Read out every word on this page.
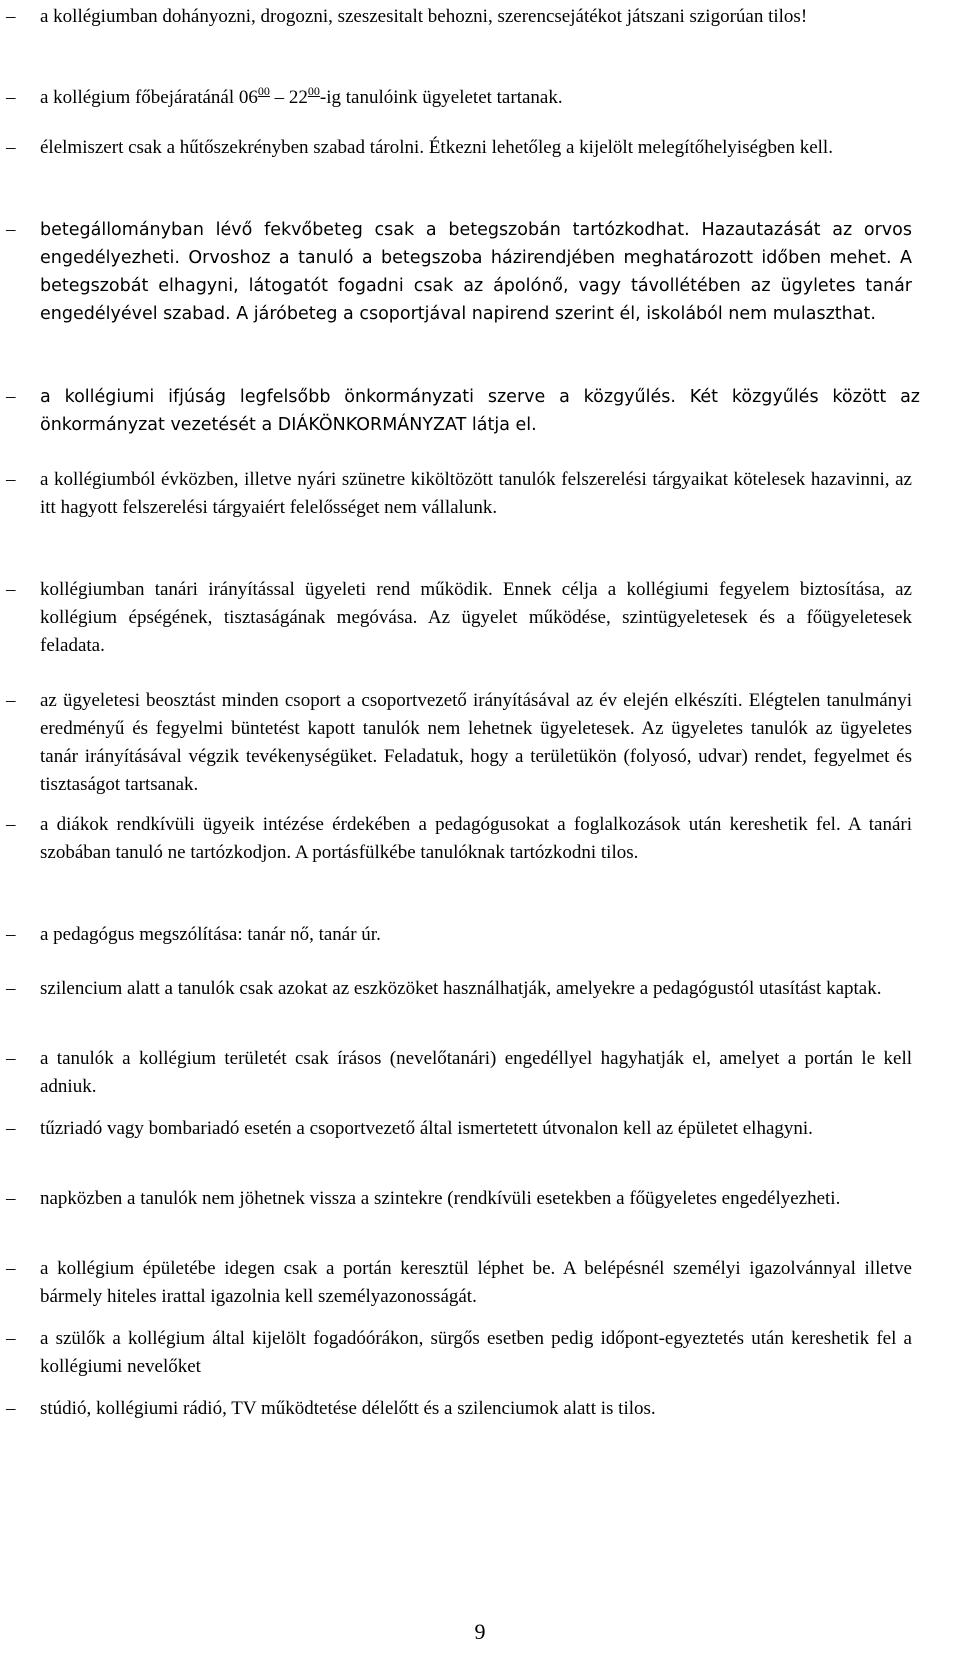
– a kollégiumban dohányozni, drogozni, szeszesitalt behozni, szerencsejátékot játszani szigorúan tilos!
– a kollégium főbejáratánál $06^{00} - 22^{00}-ig$ tanulóink ügyeletet tartanak.
– élelmiszert csak a hűtőszekrényben szabad tárolni. Étkezni lehetőleg a kijelölt melegítőhelyiségben kell.
– betegállományban lévő fekvőbeteg csak a betegszobán tartózkodhat. Hazautazását az orvos engedélyezheti. Orvoshoz a tanuló a betegszoba házirendjében meghatározott időben mehet. A betegszobát elhagyni, látogatót fogadni csak az ápolónő, vagy távollétében az ügyletes tanár engedélyével szabad. A járóbeteg a csoportjával napirend szerint él, iskolából nem mulaszthat.
– a kollégiumi ifjúság legfelsőbb önkormányzati szerve a közgyűlés. Két közgyűlés között az önkormányzat vezetését a DIÁKÖNKORMÁNYZAT látja el.
– a kollégiumból évközben, illetve nyári szünetre kiköltözött tanulók felszerelési tárgyaikat kötelesek hazavinni, az itt hagyott felszerelési tárgyaiért felelősséget nem vállalunk.
– kollégiumban tanári irányítással ügyeleti rend működik. Ennek célja a kollégiumi fegyelem biztosítása, az kollégium épségének, tisztaságának megóvása. Az ügyelet működése, szintügyeletesek és a főügyeletesek feladata.
– az ügyeletesi beosztást minden csoport a csoportvezető irányításával az év elején elkészíti. Elégtelen tanulmányi eredményű és fegyelmi büntetést kapott tanulók nem lehetnek ügyeletesek. Az ügyeletes tanulók az ügyeletes tanár irányításával végzik tevékenységüket. Feladatuk, hogy a területükön (folyosó, udvar) rendet, fegyelmet és tisztaságot tartsanak.
– a diákok rendkívüli ügyeik intézése érdekében a pedagógusokat a foglalkozások után kereshetik fel. A tanári szobában tanuló ne tartózkodjon. A portásfülkébe tanulóknak tartózkodni tilos.
– a pedagógus megszólítása: tanár nő, tanár úr.
– szilencium alatt a tanulók csak azokat az eszközöket használhatják, amelyekre a pedagógustól utasítást kaptak.
– a tanulók a kollégium területét csak írásos (nevelőtanári) engedéllyel hagyhatják el, amelyet a portán le kell adniuk.
– tűzriadó vagy bombariadó esetén a csoportvezető által ismertetett útvonalon kell az épületet elhagyni.
– napközben a tanulók nem jöhetnek vissza a szintekre (rendkívüli esetekben a főügyeletes engedélyezheti.
– a kollégium épületébe idegen csak a portán keresztül léphet be. A belépésnél személyi igazolvánnyal illetve bármely hiteles irattal igazolnia kell személyazonosságát.
– a szülők a kollégium által kijelölt fogadóórákon, sürgős esetben pedig időpont-egyeztetés után kereshetik fel a kollégiumi nevelőket
– stúdió, kollégiumi rádió, TV működtetése délelőtt és a szilenciumok alatt is tilos.
9
